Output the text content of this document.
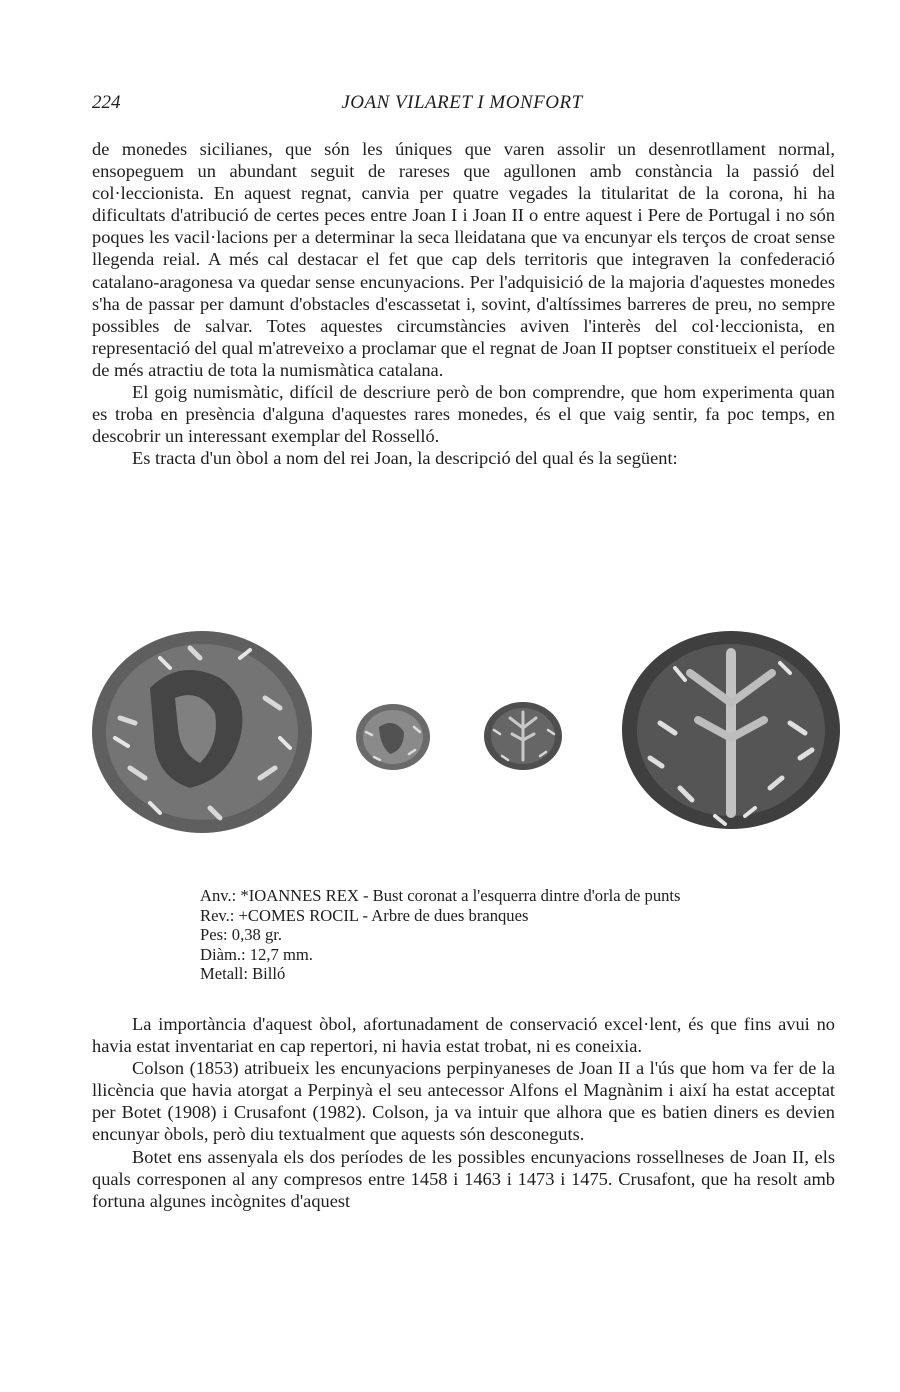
224	JOAN VILARET I MONFORT

de monedes sicilianes, que són les úniques que varen assolir un desenrotllament normal, ensopeguem un abundant seguit de rareses que agullonen amb constància la passió del col·leccionista. En aquest regnat, canvia per quatre vegades la titularitat de la corona, hi ha dificultats d'atribució de certes peces entre Joan I i Joan II o entre aquest i Pere de Portugal i no són poques les vacil·lacions per a determinar la seca lleidatana que va encunyar els terços de croat sense llegenda reial. A més cal destacar el fet que cap dels territoris que integraven la confederació catalano-aragonesa va quedar sense encunyacions. Per l'adquisició de la majoria d'aquestes monedes s'ha de passar per damunt d'obstacles d'escassetat i, sovint, d'altíssimes barreres de preu, no sempre possibles de salvar. Totes aquestes circumstàncies aviven l'interès del col·leccionista, en representació del qual m'atreveixo a proclamar que el regnat de Joan II poptser constitueix el període de més atractiu de tota la numismàtica catalana.

El goig numismàtic, difícil de descriure però de bon comprendre, que hom experimenta quan es troba en presència d'alguna d'aquestes rares monedes, és el que vaig sentir, fa poc temps, en descobrir un interessant exemplar del Rosselló.

Es tracta d'un òbol a nom del rei Joan, la descripció del qual és la següent:

Anv.: *IOANNES REX - Bust coronat a l'esquerra dintre d'orla de punts
Rev.: +COMES ROCIL - Arbre de dues branques
Pes: 0,38 gr.
Diàm.: 12,7 mm.
Metall: Billó

La importància d'aquest òbol, afortunadament de conservació excel·lent, és que fins avui no havia estat inventariat en cap repertori, ni havia estat trobat, ni es coneixia.

Colson (1853) atribueix les encunyacions perpinyaneses de Joan II a l'ús que hom va fer de la llicència que havia atorgat a Perpinyà el seu antecessor Alfons el Magnànim i així ha estat acceptat per Botet (1908) i Crusafont (1982). Colson, ja va intuir que alhora que es batien diners es devien encunyar òbols, però diu textualment que aquests són desconeguts.

Botet ens assenyala els dos períodes de les possibles encunyacions rossellneses de Joan II, els quals corresponen al any compresos entre 1458 i 1463 i 1473 i 1475. Crusafont, que ha resolt amb fortuna algunes incògnites d'aquest
